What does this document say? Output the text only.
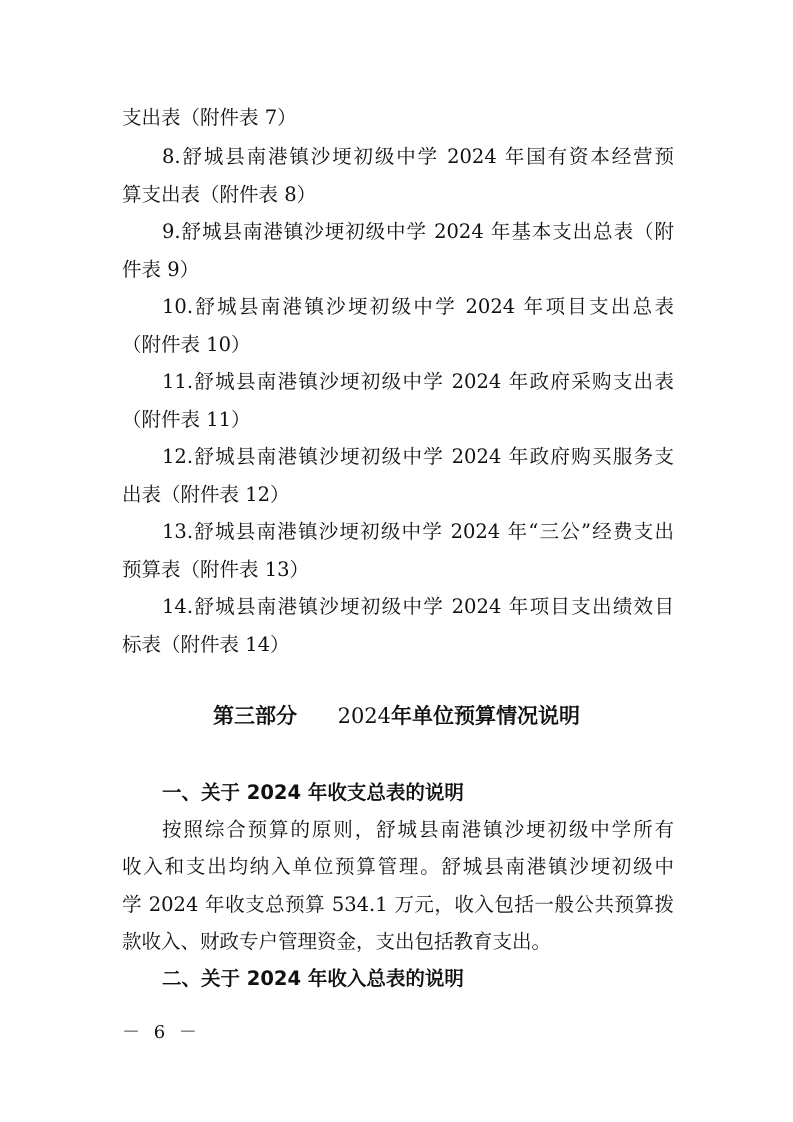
支出表（附件表 7）
8.舒城县南港镇沙埂初级中学 2024 年国有资本经营预
算支出表（附件表 8）
9.舒城县南港镇沙埂初级中学 2024 年基本支出总表（附
件表 9）
10.舒城县南港镇沙埂初级中学 2024 年项目支出总表
（附件表 10）
11.舒城县南港镇沙埂初级中学 2024 年政府采购支出表
（附件表 11）
12.舒城县南港镇沙埂初级中学 2024 年政府购买服务支
出表（附件表 12）
13.舒城县南港镇沙埂初级中学 2024 年“三公”经费支出
预算表（附件表 13）
14.舒城县南港镇沙埂初级中学 2024 年项目支出绩效目
标表（附件表 14）
第三部分 2024年单位预算情况说明
一、关于 2024 年收支总表的说明
按照综合预算的原则，舒城县南港镇沙埂初级中学所有
收入和支出均纳入单位预算管理。舒城县南港镇沙埂初级中
学 2024 年收支总预算 534.1 万元，收入包括一般公共预算拨
款收入、财政专户管理资金，支出包括教育支出。
二、关于 2024 年收入总表的说明
－ 6 －
